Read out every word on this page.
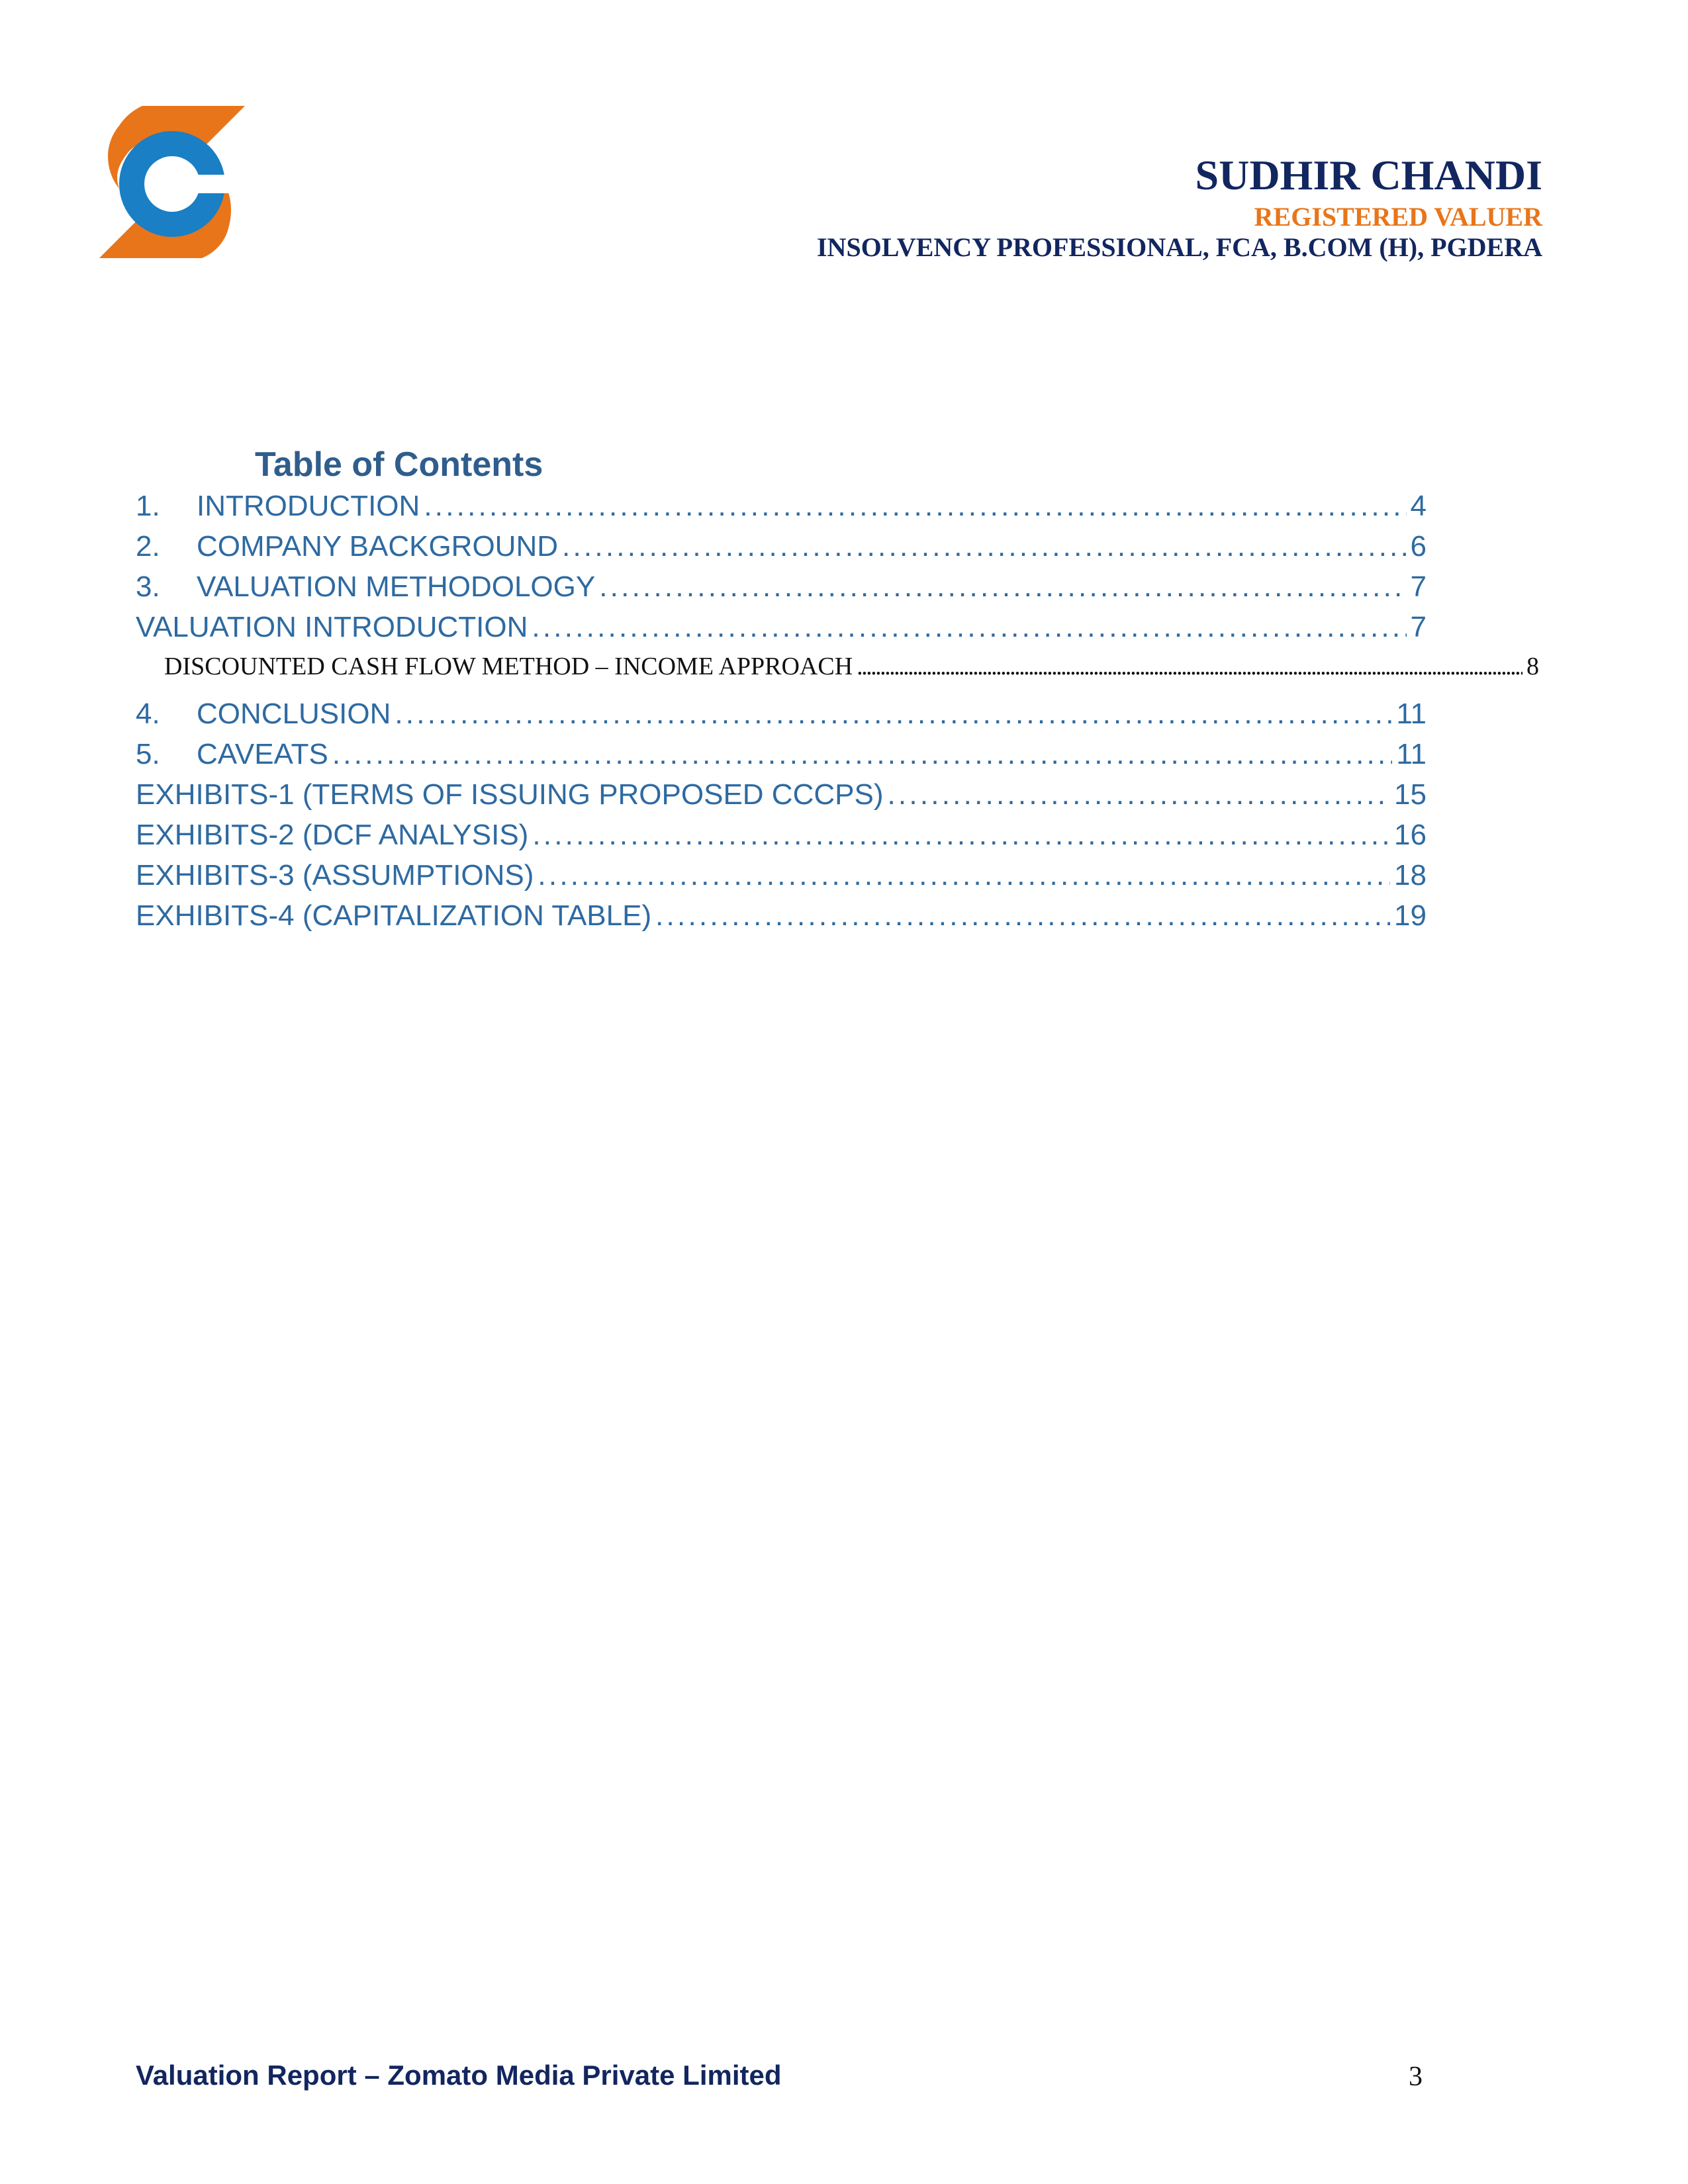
SUDHIR CHANDI
REGISTERED VALUER
INSOLVENCY PROFESSIONAL, FCA, B.COM (H), PGDERA
Table of Contents
1.	INTRODUCTION . . .	4
2.	COMPANY BACKGROUND . . .	6
3.	VALUATION METHODOLOGY . . .	7
VALUATION INTRODUCTION . . .	7
DISCOUNTED CASH FLOW METHOD – INCOME APPROACH . . .	8
4.	CONCLUSION . . .	11
5.	CAVEATS . . .	11
EXHIBITS-1 (TERMS OF ISSUING PROPOSED CCCPS) . . .	15
EXHIBITS-2 (DCF ANALYSIS) . . .	16
EXHIBITS-3 (ASSUMPTIONS) . . .	18
EXHIBITS-4 (CAPITALIZATION TABLE) . . .	19
Valuation Report – Zomato Media Private Limited	3
